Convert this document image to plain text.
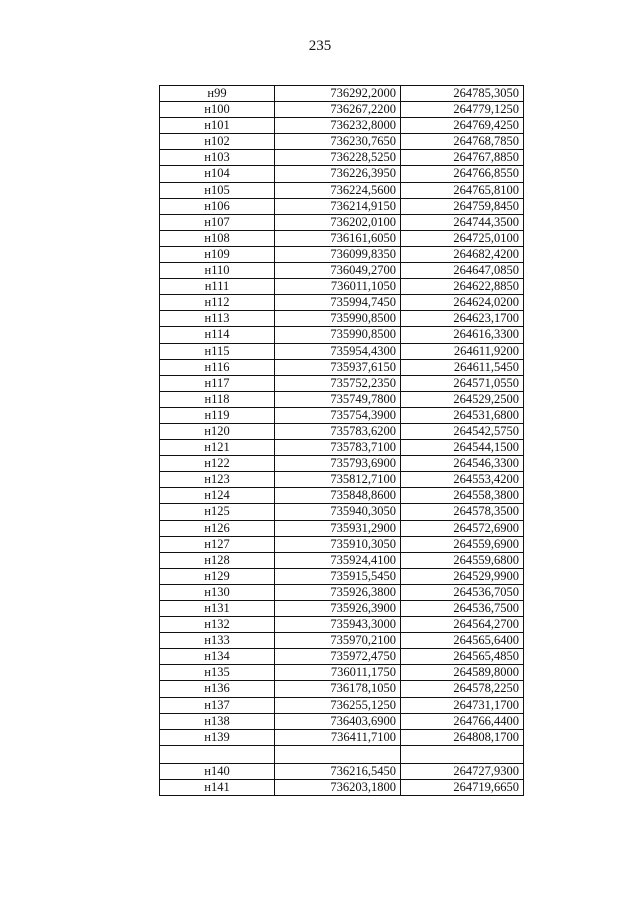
235
н99	736292,2000	264785,3050
н100	736267,2200	264779,1250
н101	736232,8000	264769,4250
н102	736230,7650	264768,7850
н103	736228,5250	264767,8850
н104	736226,3950	264766,8550
н105	736224,5600	264765,8100
н106	736214,9150	264759,8450
н107	736202,0100	264744,3500
н108	736161,6050	264725,0100
н109	736099,8350	264682,4200
н110	736049,2700	264647,0850
н111	736011,1050	264622,8850
н112	735994,7450	264624,0200
н113	735990,8500	264623,1700
н114	735990,8500	264616,3300
н115	735954,4300	264611,9200
н116	735937,6150	264611,5450
н117	735752,2350	264571,0550
н118	735749,7800	264529,2500
н119	735754,3900	264531,6800
н120	735783,6200	264542,5750
н121	735783,7100	264544,1500
н122	735793,6900	264546,3300
н123	735812,7100	264553,4200
н124	735848,8600	264558,3800
н125	735940,3050	264578,3500
н126	735931,2900	264572,6900
н127	735910,3050	264559,6900
н128	735924,4100	264559,6800
н129	735915,5450	264529,9900
н130	735926,3800	264536,7050
н131	735926,3900	264536,7500
н132	735943,3000	264564,2700
н133	735970,2100	264565,6400
н134	735972,4750	264565,4850
н135	736011,1750	264589,8000
н136	736178,1050	264578,2250
н137	736255,1250	264731,1700
н138	736403,6900	264766,4400
н139	736411,7100	264808,1700

н140	736216,5450	264727,9300
н141	736203,1800	264719,6650
